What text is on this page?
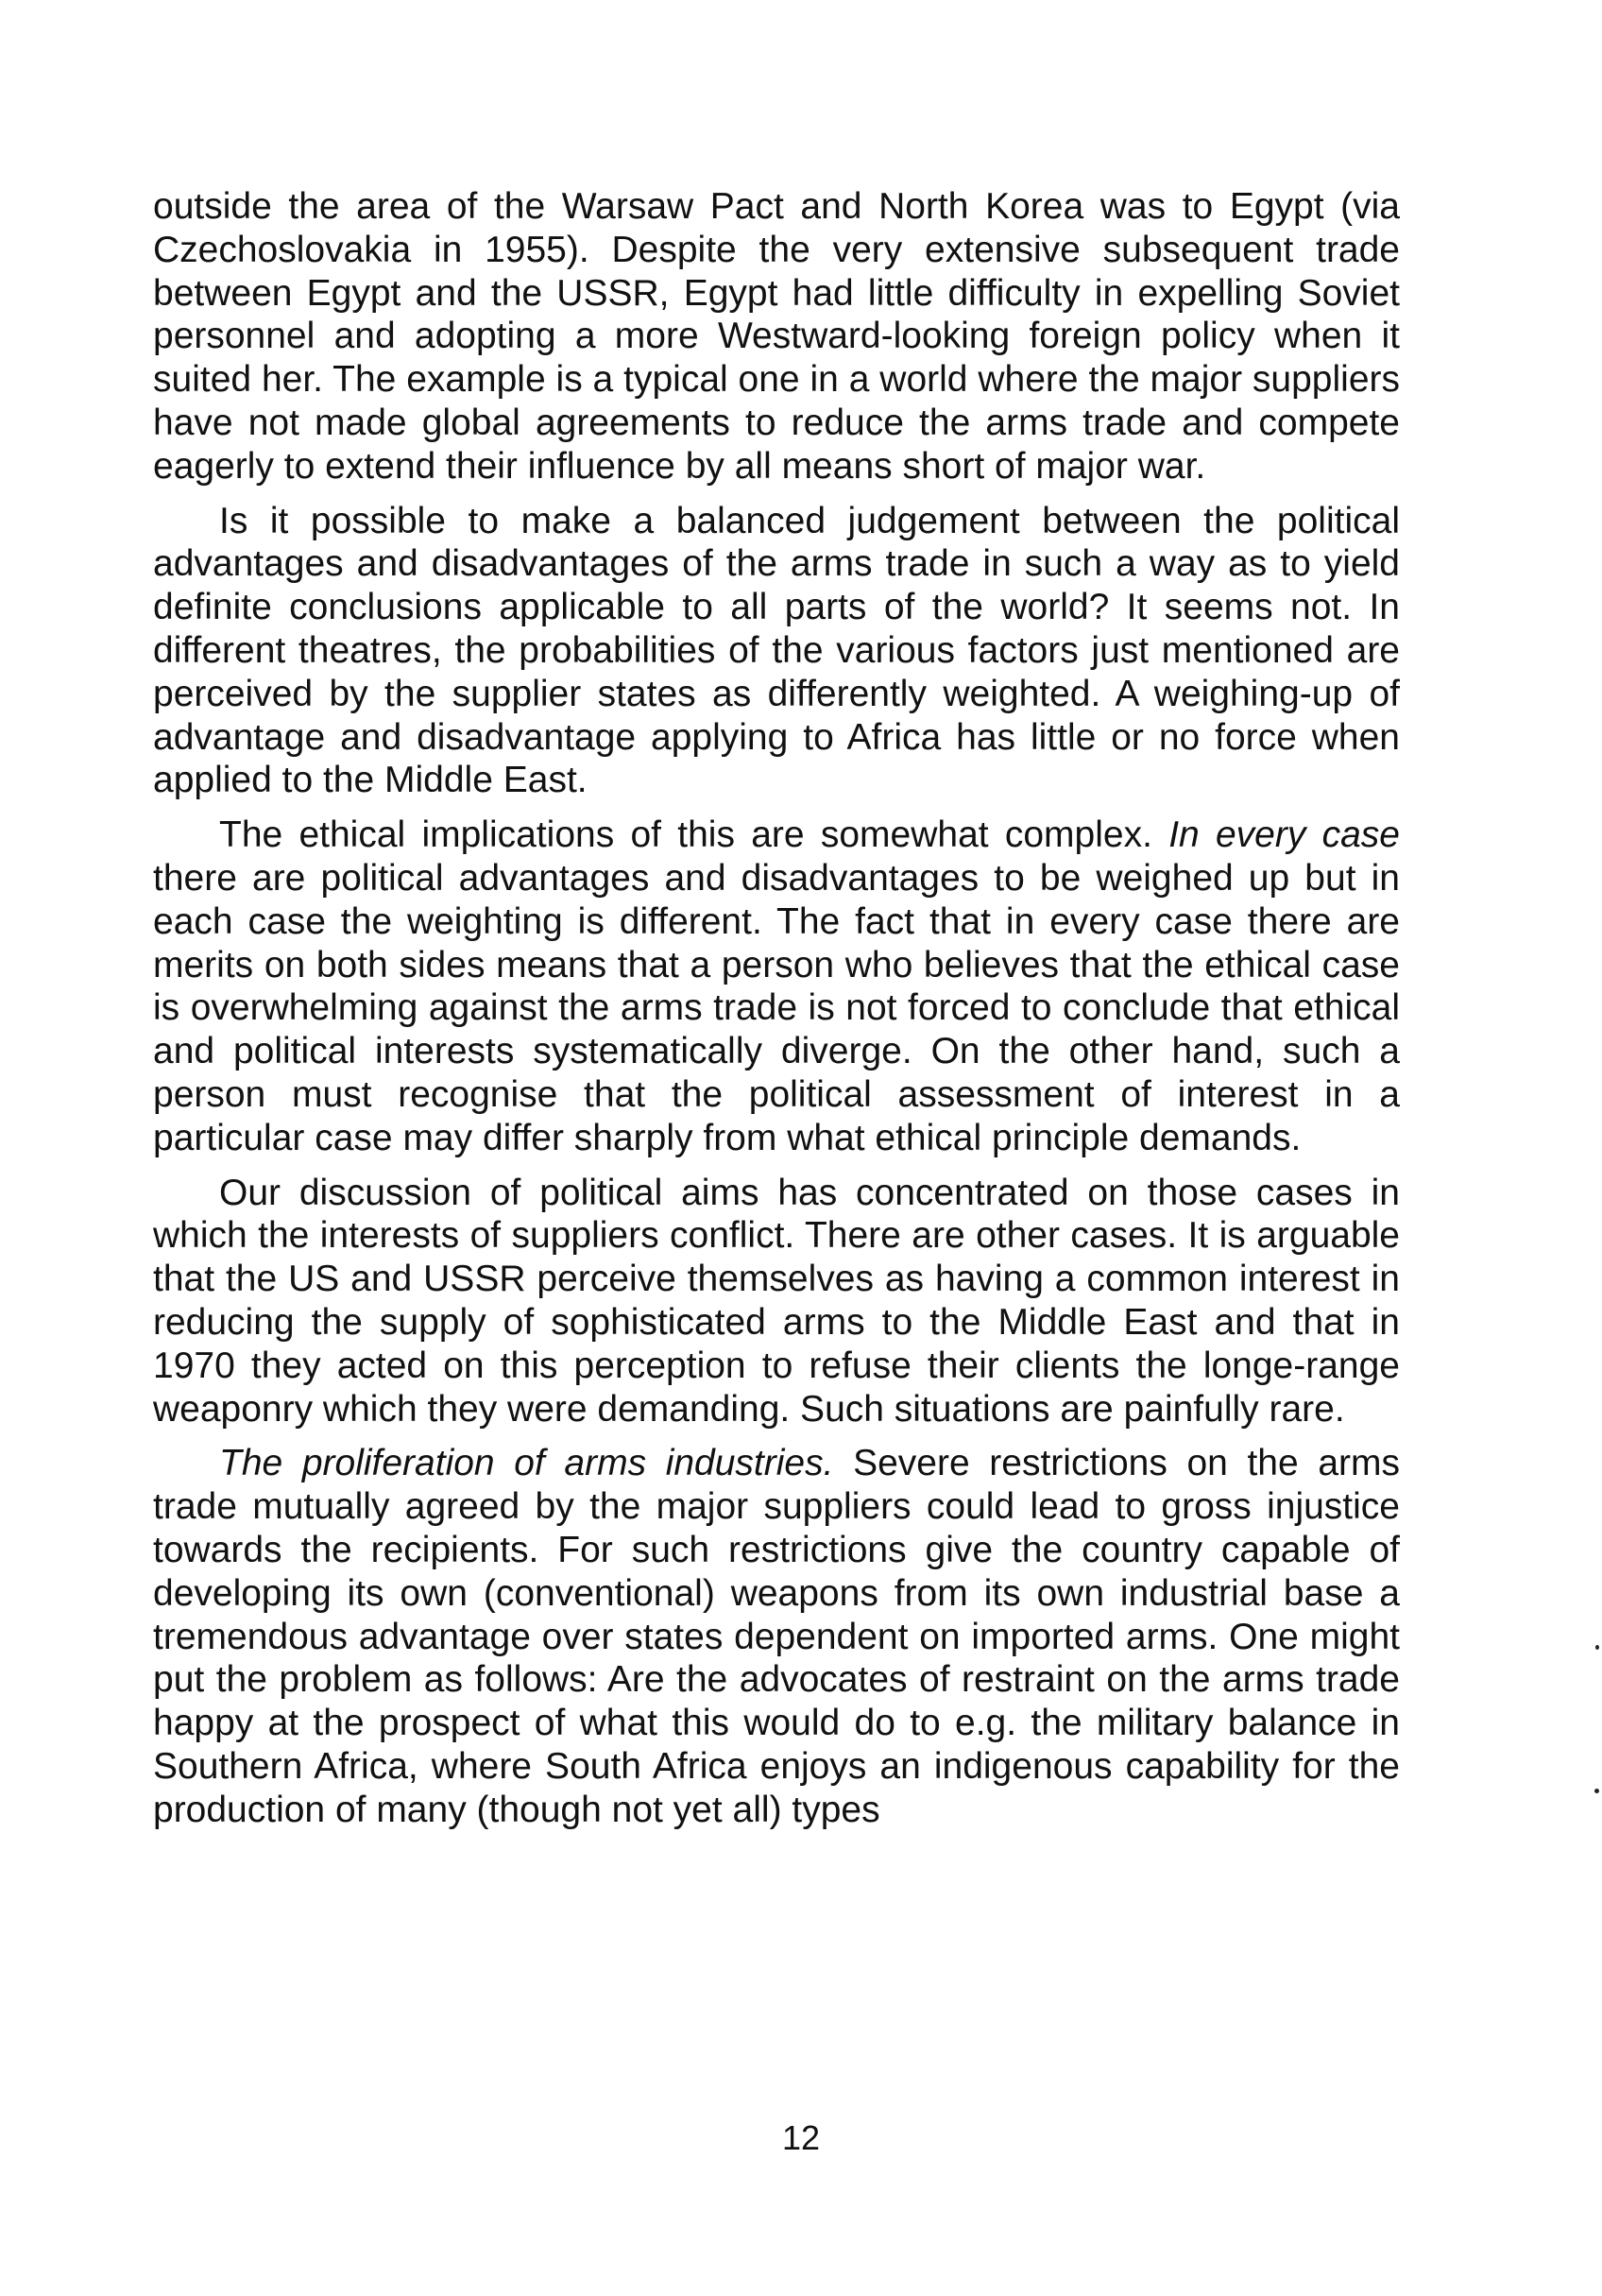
outside the area of the Warsaw Pact and North Korea was to Egypt (via Czechoslovakia in 1955). Despite the very extensive subsequent trade between Egypt and the USSR, Egypt had little difficulty in expelling Soviet personnel and adopting a more Westward-looking foreign policy when it suited her. The example is a typical one in a world where the major suppliers have not made global agreements to reduce the arms trade and compete eagerly to extend their influence by all means short of major war.

Is it possible to make a balanced judgement between the political advantages and disadvantages of the arms trade in such a way as to yield definite conclusions applicable to all parts of the world? It seems not. In different theatres, the probabilities of the various factors just mentioned are perceived by the supplier states as differently weighted. A weighing-up of advantage and disadvantage applying to Africa has little or no force when applied to the Middle East.

The ethical implications of this are somewhat complex. In every case there are political advantages and disadvantages to be weighed up but in each case the weighting is different. The fact that in every case there are merits on both sides means that a person who believes that the ethical case is overwhelming against the arms trade is not forced to conclude that ethical and political interests systematically diverge. On the other hand, such a person must recognise that the political assessment of interest in a particular case may differ sharply from what ethical principle demands.

Our discussion of political aims has concentrated on those cases in which the interests of suppliers conflict. There are other cases. It is arguable that the US and USSR perceive themselves as having a common interest in reducing the supply of sophisticated arms to the Middle East and that in 1970 they acted on this perception to refuse their clients the longe-range weaponry which they were demanding. Such situations are painfully rare.

The proliferation of arms industries. Severe restrictions on the arms trade mutually agreed by the major suppliers could lead to gross injustice towards the recipients. For such restrictions give the country capable of developing its own (conventional) weapons from its own industrial base a tremendous advantage over states dependent on imported arms. One might put the problem as follows: Are the advocates of restraint on the arms trade happy at the prospect of what this would do to e.g. the military balance in Southern Africa, where South Africa enjoys an indigenous capability for the production of many (though not yet all) types

12
